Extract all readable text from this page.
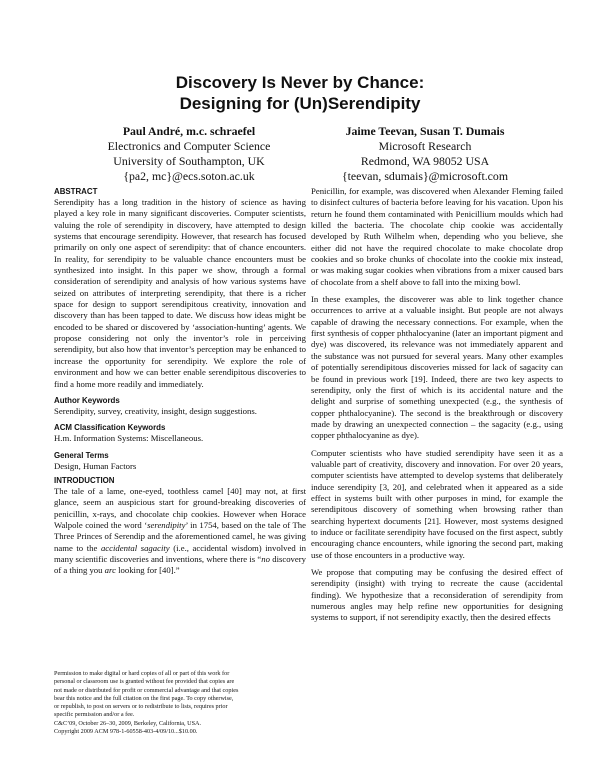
Discovery Is Never by Chance:
Designing for (Un)Serendipity
Paul André, m.c. schraefel
Electronics and Computer Science
University of Southampton, UK
{pa2, mc}@ecs.soton.ac.uk
Jaime Teevan, Susan T. Dumais
Microsoft Research
Redmond, WA 98052 USA
{teevan, sdumais}@microsoft.com
ABSTRACT
Serendipity has a long tradition in the history of science as having played a key role in many significant discoveries. Computer scientists, valuing the role of serendipity in discovery, have attempted to design systems that encourage serendipity. However, that research has focused primarily on only one aspect of serendipity: that of chance encounters. In reality, for serendipity to be valuable chance encounters must be synthesized into insight. In this paper we show, through a formal consideration of serendipity and analysis of how various systems have seized on attributes of interpreting serendipity, that there is a richer space for design to support serendipitous creativity, innovation and discovery than has been tapped to date. We discuss how ideas might be encoded to be shared or discovered by ‘association-hunting’ agents. We propose considering not only the inventor’s role in perceiving serendipity, but also how that inventor’s perception may be enhanced to increase the opportunity for serendipity. We explore the role of environment and how we can better enable serendipitous discoveries to find a home more readily and immediately.
Author Keywords
Serendipity, survey, creativity, insight, design suggestions.
ACM Classification Keywords
H.m. Information Systems: Miscellaneous.
General Terms
Design, Human Factors
INTRODUCTION

The tale of a lame, one-eyed, toothless camel [40] may not, at first glance, seem an auspicious start for ground-breaking discoveries of penicillin, x-rays, and chocolate chip cookies. However when Horace Walpole coined the word ‘serendipity’ in 1754, based on the tale of The Three Princes of Serendip and the aforementioned camel, he was giving name to the accidental sagacity (i.e., accidental wisdom) involved in many scientific discoveries and inventions, where there is “no discovery of a thing you arc looking for [40].”

Permission to make digital or hard copies of all or part of this work for
personal or classroom use is granted without fee provided that copies are
not made or distributed for profit or commercial advantage and that copies
bear this notice and the full citation on the first page. To copy otherwise,
or republish, to post on servers or to redistribute to lists, requires prior
specific permission and/or a fee.
C&C’09, October 26–30, 2009, Berkeley, California, USA.
Copyright 2009 ACM 978-1-60558-403-4/09/10...$10.00.

Penicillin, for example, was discovered when Alexander Fleming failed to disinfect cultures of bacteria before leaving for his vacation. Upon his return he found them contaminated with Penicillium moulds which had killed the bacteria. The chocolate chip cookie was accidentally developed by Ruth Wilhelm when, depending who you believe, she either did not have the required chocolate to make chocolate drop cookies and so broke chunks of chocolate into the cookie mix instead, or was making sugar cookies when vibrations from a mixer caused bars of chocolate from a shelf above to fall into the mixing bowl.

In these examples, the discoverer was able to link together chance occurrences to arrive at a valuable insight. But people are not always capable of drawing the necessary connections. For example, when the first synthesis of copper phthalocyanine (later an important pigment and dye) was discovered, its relevance was not immediately apparent and the substance was not pursued for several years. Many other examples of potentially serendipitous discoveries missed for lack of sagacity can be found in previous work [19]. Indeed, there are two key aspects to serendipity, only the first of which is its accidental nature and the delight and surprise of something unexpected (e.g., the synthesis of copper phthalocyanine). The second is the breakthrough or discovery made by drawing an unexpected connection – the sagacity (e.g., using copper phthalocyanine as dye).

Computer scientists who have studied serendipity have seen it as a valuable part of creativity, discovery and innovation. For over 20 years, computer scientists have attempted to develop systems that deliberately induce serendipity [3, 20], and celebrated when it appeared as a side effect in systems built with other purposes in mind, for example the serendipitous discovery of something when browsing rather than searching hypertext documents [21]. However, most systems designed to induce or facilitate serendipity have focused on the first aspect, subtly encouraging chance encounters, while ignoring the second part, making use of those encounters in a productive way.

We propose that computing may be confusing the desired effect of serendipity (insight) with trying to recreate the cause (accidental finding). We hypothesize that a reconsideration of serendipity from numerous angles may help refine new opportunities for designing systems to support, if not serendipity exactly, then the desired effects
